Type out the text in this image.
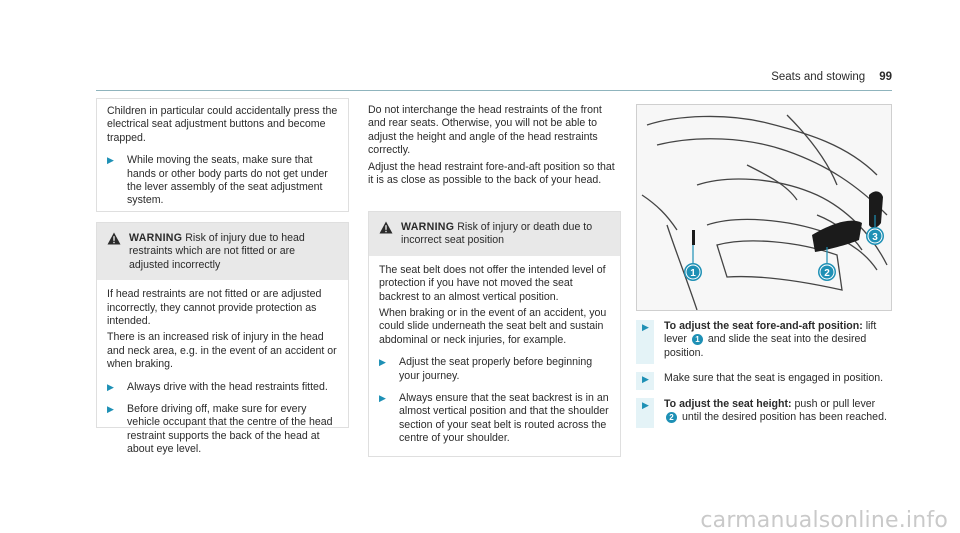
Seats and stowing 99

Children in particular could accidentally press the electrical seat adjustment buttons and become trapped.

▶ While moving the seats, make sure that hands or other body parts do not get under the lever assembly of the seat adjustment system.
WARNING Risk of injury due to head restraints which are not fitted or are adjusted incorrectly

If head restraints are not fitted or are adjusted incorrectly, they cannot provide protection as intended.

There is an increased risk of injury in the head and neck area, e.g. in the event of an accident or when braking.

▶ Always drive with the head restraints fitted.
▶ Before driving off, make sure for every vehicle occupant that the centre of the head restraint supports the back of the head at about eye level.

Do not interchange the head restraints of the front and rear seats. Otherwise, you will not be able to adjust the height and angle of the head restraints correctly.

Adjust the head restraint fore-and-aft position so that it is as close as possible to the back of your head.

WARNING Risk of injury or death due to incorrect seat position

The seat belt does not offer the intended level of protection if you have not moved the seat backrest to an almost vertical position.

When braking or in the event of an accident, you could slide underneath the seat belt and sustain abdominal or neck injuries, for example.

▶ Adjust the seat properly before beginning your journey.
▶ Always ensure that the seat backrest is in an almost vertical position and that the shoulder section of your seat belt is routed across the centre of your shoulder.
1	2
3
▶ To adjust the seat fore-and-aft position: lift lever 1 and slide the seat into the desired position.
▶ Make sure that the seat is engaged in position.
▶ To adjust the seat height: push or pull lever 2 until the desired position has been reached.
carmanualsonline.info
